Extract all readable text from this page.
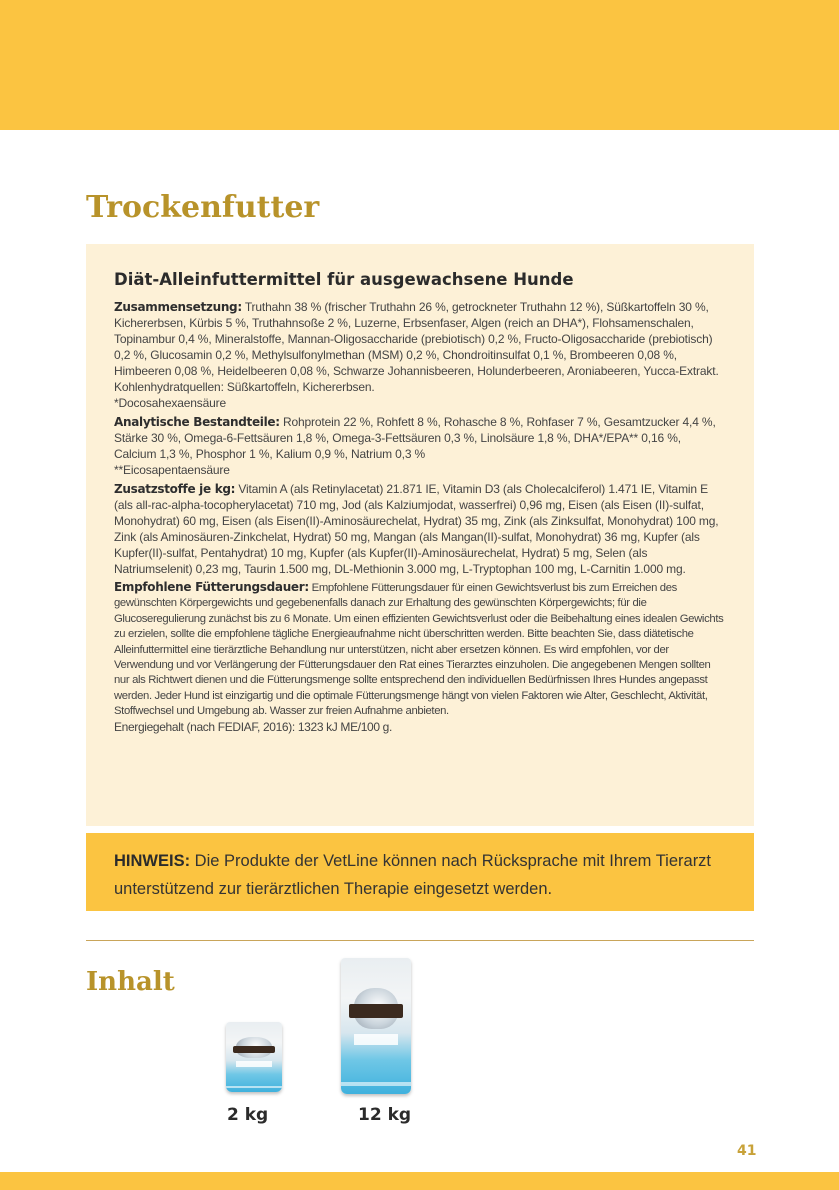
Trockenfutter
Diät-Alleinfuttermittel für ausgewachsene Hunde

Zusammensetzung: Truthahn 38 % (frischer Truthahn 26 %, getrockneter Truthahn 12 %), Süßkartoffeln 30 %, Kichererbsen, Kürbis 5 %, Truthahnsoße 2 %, Luzerne, Erbsenfaser, Algen (reich an DHA*), Flohsamenschalen, Topinambur 0,4 %, Mineralstoffe, Mannan-Oligosaccharide (prebiotisch) 0,2 %, Fructo-Oligosaccharide (prebiotisch) 0,2 %, Glucosamin 0,2 %, Methylsulfonylmethan (MSM) 0,2 %, Chondroitinsulfat 0,1 %, Brombeeren 0,08 %, Himbeeren 0,08 %, Heidelbeeren 0,08 %, Schwarze Johannisbeeren, Holunderbeeren, Aroniabeeren, Yucca-Extrakt.
Kohlenhydratquellen: Süßkartoffeln, Kichererbsen.
*Docosahexaensäure

Analytische Bestandteile: Rohprotein 22 %, Rohfett 8 %, Rohasche 8 %, Rohfaser 7 %, Gesamtzucker 4,4 %, Stärke 30 %, Omega-6-Fettsäuren 1,8 %, Omega-3-Fettsäuren 0,3 %, Linolsäure 1,8 %, DHA*/EPA** 0,16 %, Calcium 1,3 %, Phosphor 1 %, Kalium 0,9 %, Natrium 0,3 %
**Eicosapentaensäure

Zusatzstoffe je kg: Vitamin A (als Retinylacetat) 21.871 IE, Vitamin D3 (als Cholecalciferol) 1.471 IE, Vitamin E (als all-rac-alpha-tocopherylacetat) 710 mg, Jod (als Kalziumjodat, wasserfrei) 0,96 mg, Eisen (als Eisen (II)-sulfat, Monohydrat) 60 mg, Eisen (als Eisen(II)-Aminosäurechelat, Hydrat) 35 mg, Zink (als Zinksulfat, Monohydrat) 100 mg, Zink (als Aminosäuren-Zinkchelat, Hydrat) 50 mg, Mangan (als Mangan(II)-sulfat, Monohydrat) 36 mg, Kupfer (als Kupfer(II)-sulfat, Pentahydrat) 10 mg, Kupfer (als Kupfer(II)-Aminosäurechelat, Hydrat) 5 mg, Selen (als Natriumselenit) 0,23 mg, Taurin 1.500 mg, DL-Methionin 3.000 mg, L-Tryptophan 100 mg, L-Carnitin 1.000 mg.

Empfohlene Fütterungsdauer: Empfohlene Fütterungsdauer für einen Gewichtsverlust bis zum Erreichen des gewünschten Körpergewichts und gegebenenfalls danach zur Erhaltung des gewünschten Körpergewichts; für die Glucoseregulierung zunächst bis zu 6 Monate. Um einen effizienten Gewichtsverlust oder die Beibehaltung eines idealen Gewichts zu erzielen, sollte die empfohlene tägliche Energieaufnahme nicht überschritten werden. Bitte beachten Sie, dass diätetische Alleinfuttermittel eine tierärztliche Behandlung nur unterstützen, nicht aber ersetzen können. Es wird empfohlen, vor der Verwendung und vor Verlängerung der Fütterungsdauer den Rat eines Tierarztes einzuholen. Die angegebenen Mengen sollten nur als Richtwert dienen und die Fütterungsmenge sollte entsprechend den individuellen Bedürfnissen Ihres Hundes angepasst werden. Jeder Hund ist einzigartig und die optimale Fütterungsmenge hängt von vielen Faktoren wie Alter, Geschlecht, Aktivität, Stoffwechsel und Umgebung ab. Wasser zur freien Aufnahme anbieten.
Energiegehalt (nach FEDIAF, 2016): 1323 kJ ME/100 g.

HINWEIS: Die Produkte der VetLine können nach Rücksprache mit Ihrem Tierarzt unterstützend zur tierärztlichen Therapie eingesetzt werden.
Inhalt
2 kg	12 kg
41
